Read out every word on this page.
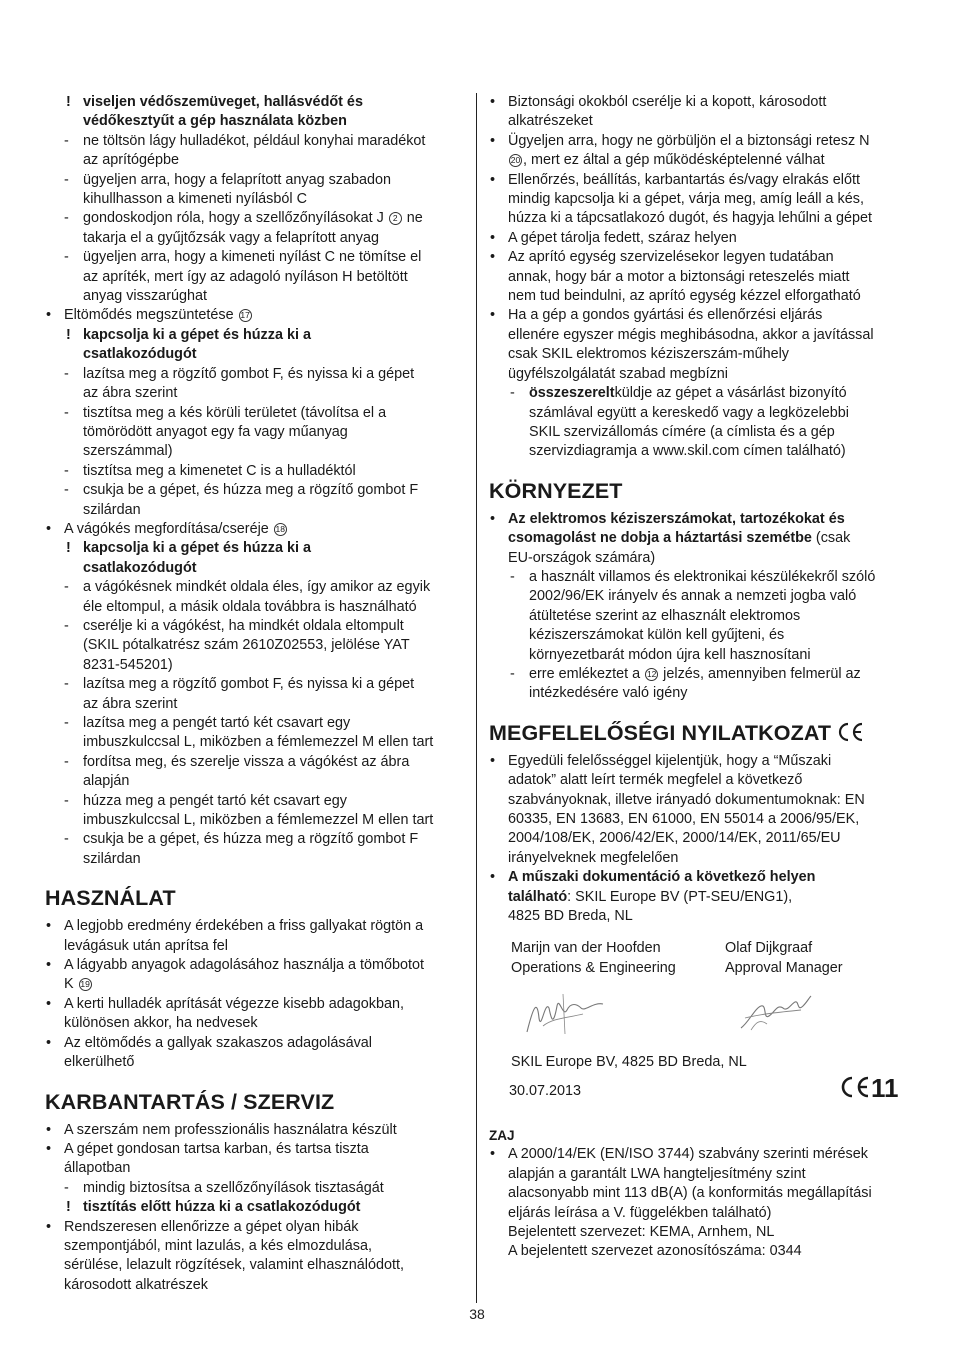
! viseljen védőszemüveget, hallásvédőt és
védőkesztyűt a gép használata közben
- ne töltsön lágy hulladékot, például konyhai maradékot
az aprítógépbe
- ügyeljen arra, hogy a felaprított anyag szabadon
kihullhasson a kimeneti nyílásból C
- gondoskodjon róla, hogy a szellőzőnyílásokat J 2 ne
takarja el a gyűjtőzsák vagy a felaprított anyag
- ügyeljen arra, hogy a kimeneti nyílást C ne tömítse el
az apríték, mert így az adagoló nyíláson H betöltött
anyag visszarúghat
• Eltömődés megszüntetése 17
! kapcsolja ki a gépet és húzza ki a
csatlakozódugót
- lazítsa meg a rögzítő gombot F, és nyissa ki a gépet
az ábra szerint
- tisztítsa meg a kés körüli területet (távolítsa el a
tömörödött anyagot egy fa vagy műanyag
szerszámmal)
- tisztítsa meg a kimenetet C is a hulladéktól
- csukja be a gépet, és húzza meg a rögzítő gombot F
szilárdan
• A vágókés megfordítása/cseréje 18
! kapcsolja ki a gépet és húzza ki a
csatlakozódugót
- a vágókésnek mindkét oldala éles, így amikor az egyik
éle eltompul, a másik oldala továbbra is használható
- cserélje ki a vágókést, ha mindkét oldala eltompult
(SKIL pótalkatrész szám 2610Z02553, jelölése YAT
8231-545201)
- lazítsa meg a rögzítő gombot F, és nyissa ki a gépet
az ábra szerint
- lazítsa meg a pengét tartó két csavart egy
imbuszkulccsal L, miközben a fémlemezzel M ellen tart
- fordítsa meg, és szerelje vissza a vágókést az ábra
alapján
- húzza meg a pengét tartó két csavart egy
imbuszkulccsal L, miközben a fémlemezzel M ellen tart
- csukja be a gépet, és húzza meg a rögzítő gombot F
szilárdan
HASZNÁLAT
• A legjobb eredmény érdekében a friss gallyakat rögtön a
levágásuk után aprítsa fel
• A lágyabb anyagok adagolásához használja a tömőbotot
K 19
• A kerti hulladék aprítását végezze kisebb adagokban,
különösen akkor, ha nedvesek
• Az eltömődés a gallyak szakaszos adagolásával
elkerülhető
KARBANTARTÁS / SZERVIZ
• A szerszám nem professzionális használatra készült
• A gépet gondosan tartsa karban, és tartsa tiszta
állapotban
- mindig biztosítsa a szellőzőnyílások tisztaságát
! tisztítás előtt húzza ki a csatlakozódugót
• Rendszeresen ellenőrizze a gépet olyan hibák
szempontjából, mint lazulás, a kés elmozdulása,
sérülése, lelazult rögzítések, valamint elhasználódott,
károsodott alkatrészek
• Biztonsági okokból cserélje ki a kopott, károsodott
alkatrészeket
• Ügyeljen arra, hogy ne görbüljön el a biztonsági retesz N
20 , mert ez által a gép működésképtelenné válhat
• Ellenőrzés, beállítás, karbantartás és/vagy elrakás előtt
mindig kapcsolja ki a gépet, várja meg, amíg leáll a kés,
húzza ki a tápcsatlakozó dugót, és hagyja lehűlni a gépet
• A gépet tárolja fedett, száraz helyen
• Az aprító egység szervizelésekor legyen tudatában
annak, hogy bár a motor a biztonsági reteszelés miatt
nem tud beindulni, az aprító egység kézzel elforgatható
• Ha a gép a gondos gyártási és ellenőrzési eljárás
ellenére egyszer mégis meghibásodna, akkor a javítással
csak SKIL elektromos kéziszerszám-műhely
ügyfélszolgálatát szabad megbízni
- összeszereltküldje az gépet a vásárlást bizonyító
számlával együtt a kereskedő vagy a legközelebbi
SKIL szervizállomás címére (a címlista és a gép
szervizdiagramja a www.skil.com címen található)
KÖRNYEZET
• Az elektromos kéziszerszámokat, tartozékokat és
csomagolást ne dobja a háztartási szemétbe (csak
EU-országok számára)
- a használt villamos és elektronikai készülékekről szóló
2002/96/EK irányelv és annak a nemzeti jogba való
átültetése szerint az elhasznált elektromos
kéziszerszámokat külön kell gyűjteni, és
környezetbarát módon újra kell hasznosítani
- erre emlékeztet a 12 jelzés, amennyiben felmerül az
intézkedésére való igény
MEGFELELŐSÉGI NYILATKOZAT
• Egyedüli felelősséggel kijelentjük, hogy a “Műszaki
adatok” alatt leírt termék megfelel a következő
szabványoknak, illetve irányadó dokumentumoknak: EN
60335, EN 13683, EN 61000, EN 55014 a 2006/95/EK,
2004/108/EK, 2006/42/EK, 2000/14/EK, 2011/65/EU
irányelveknek megfelelően
• A műszaki dokumentáció a következő helyen
található: SKIL Europe BV (PT-SEU/ENG1),
4825 BD Breda, NL
Marijn van der Hoofden
Operations & Engineering
Olaf Dijkgraaf
Approval Manager
SKIL Europe BV, 4825 BD Breda, NL
30.07.2013	11
ZAJ
• A 2000/14/EK (EN/ISO 3744) szabvány szerinti mérések
alapján a garantált LWA hangteljesítmény szint
alacsonyabb mint 113 dB(A) (a konformitás megállapítási
eljárás leírása a V. függelékben található)
Bejelentett szervezet: KEMA, Arnhem, NL
A bejelentett szervezet azonosítószáma: 0344
38
